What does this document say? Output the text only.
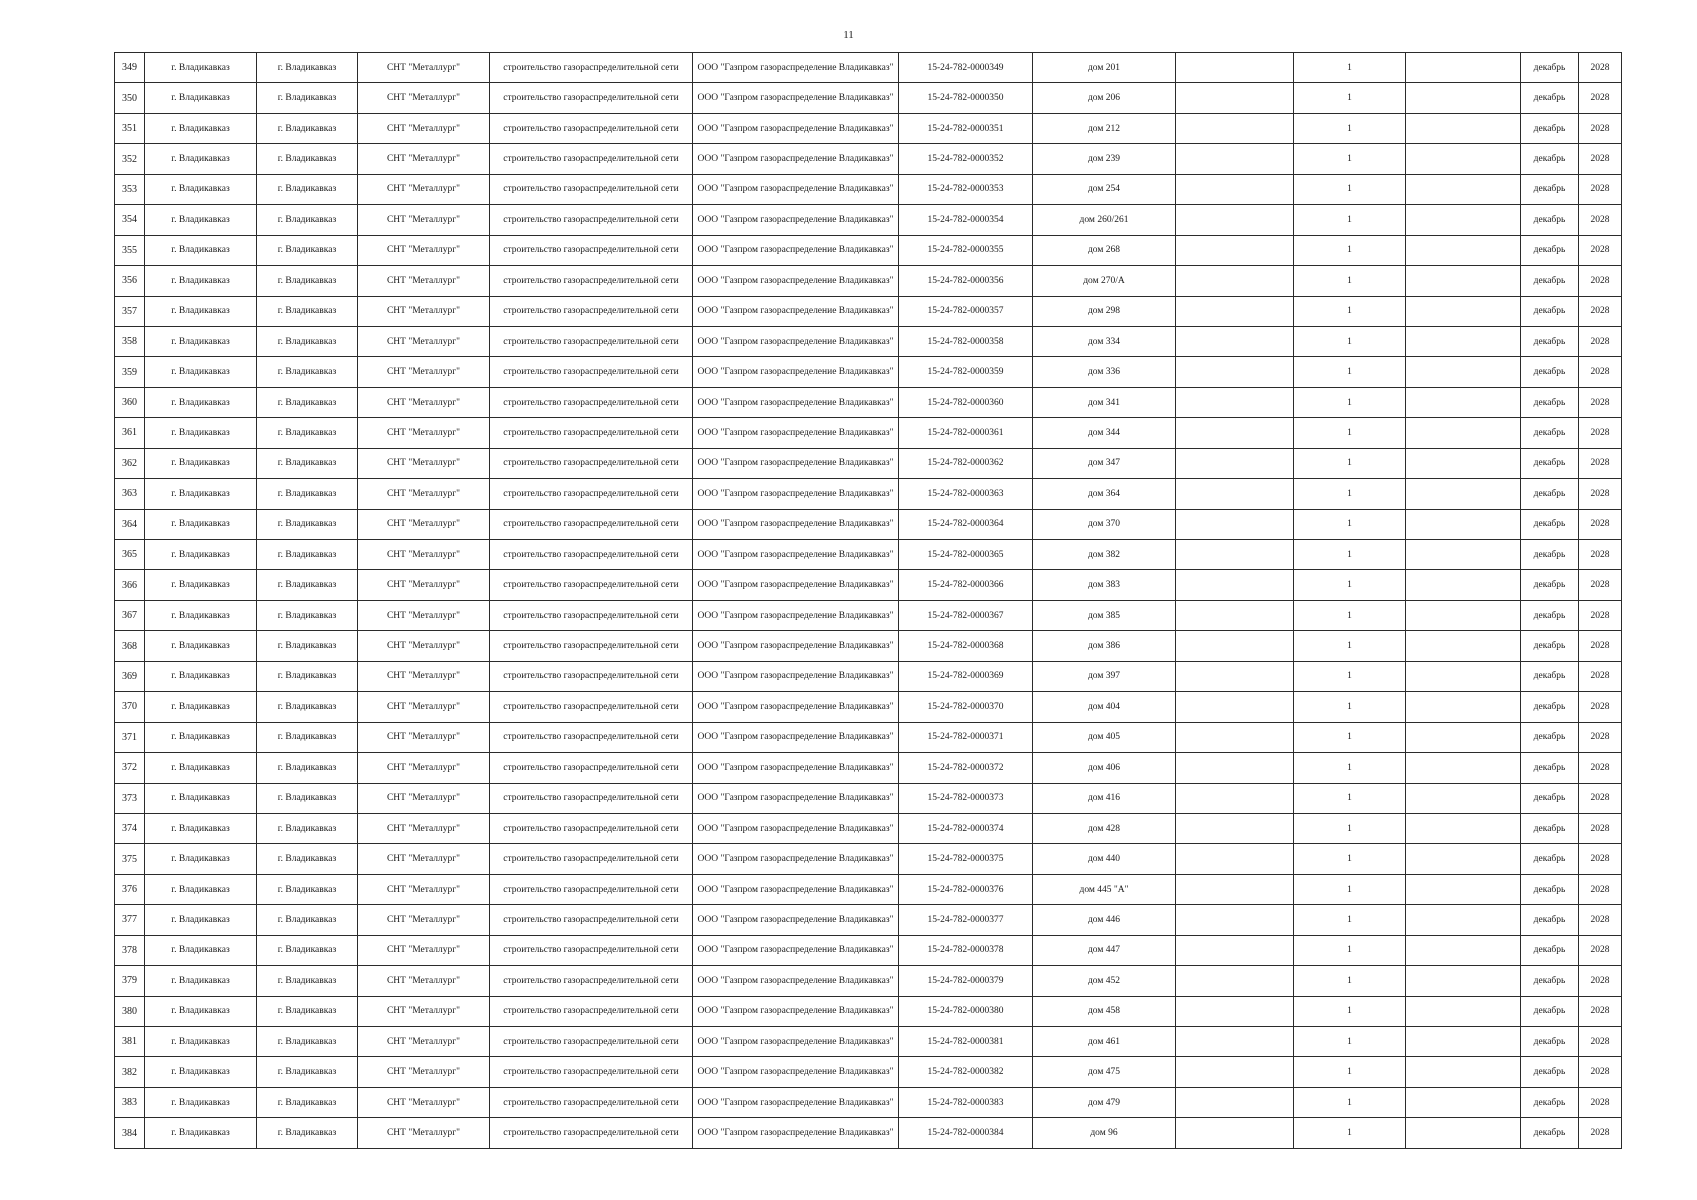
11
349	г. Владикавказ	г. Владикавказ	СНТ "Металлург"	строительство газораспределительной сети	ООО "Газпром газораспределение Владикавказ"	15-24-782-0000349	дом 201		1		декабрь	2028
350	г. Владикавказ	г. Владикавказ	СНТ "Металлург"	строительство газораспределительной сети	ООО "Газпром газораспределение Владикавказ"	15-24-782-0000350	дом 206		1		декабрь	2028
351	г. Владикавказ	г. Владикавказ	СНТ "Металлург"	строительство газораспределительной сети	ООО "Газпром газораспределение Владикавказ"	15-24-782-0000351	дом 212		1		декабрь	2028
352	г. Владикавказ	г. Владикавказ	СНТ "Металлург"	строительство газораспределительной сети	ООО "Газпром газораспределение Владикавказ"	15-24-782-0000352	дом 239		1		декабрь	2028
353	г. Владикавказ	г. Владикавказ	СНТ "Металлург"	строительство газораспределительной сети	ООО "Газпром газораспределение Владикавказ"	15-24-782-0000353	дом 254		1		декабрь	2028
354	г. Владикавказ	г. Владикавказ	СНТ "Металлург"	строительство газораспределительной сети	ООО "Газпром газораспределение Владикавказ"	15-24-782-0000354	дом 260/261		1		декабрь	2028
355	г. Владикавказ	г. Владикавказ	СНТ "Металлург"	строительство газораспределительной сети	ООО "Газпром газораспределение Владикавказ"	15-24-782-0000355	дом 268		1		декабрь	2028
356	г. Владикавказ	г. Владикавказ	СНТ "Металлург"	строительство газораспределительной сети	ООО "Газпром газораспределение Владикавказ"	15-24-782-0000356	дом 270/А		1		декабрь	2028
357	г. Владикавказ	г. Владикавказ	СНТ "Металлург"	строительство газораспределительной сети	ООО "Газпром газораспределение Владикавказ"	15-24-782-0000357	дом 298		1		декабрь	2028
358	г. Владикавказ	г. Владикавказ	СНТ "Металлург"	строительство газораспределительной сети	ООО "Газпром газораспределение Владикавказ"	15-24-782-0000358	дом 334		1		декабрь	2028
359	г. Владикавказ	г. Владикавказ	СНТ "Металлург"	строительство газораспределительной сети	ООО "Газпром газораспределение Владикавказ"	15-24-782-0000359	дом 336		1		декабрь	2028
360	г. Владикавказ	г. Владикавказ	СНТ "Металлург"	строительство газораспределительной сети	ООО "Газпром газораспределение Владикавказ"	15-24-782-0000360	дом 341		1		декабрь	2028
361	г. Владикавказ	г. Владикавказ	СНТ "Металлург"	строительство газораспределительной сети	ООО "Газпром газораспределение Владикавказ"	15-24-782-0000361	дом 344		1		декабрь	2028
362	г. Владикавказ	г. Владикавказ	СНТ "Металлург"	строительство газораспределительной сети	ООО "Газпром газораспределение Владикавказ"	15-24-782-0000362	дом 347		1		декабрь	2028
363	г. Владикавказ	г. Владикавказ	СНТ "Металлург"	строительство газораспределительной сети	ООО "Газпром газораспределение Владикавказ"	15-24-782-0000363	дом 364		1		декабрь	2028
364	г. Владикавказ	г. Владикавказ	СНТ "Металлург"	строительство газораспределительной сети	ООО "Газпром газораспределение Владикавказ"	15-24-782-0000364	дом 370		1		декабрь	2028
365	г. Владикавказ	г. Владикавказ	СНТ "Металлург"	строительство газораспределительной сети	ООО "Газпром газораспределение Владикавказ"	15-24-782-0000365	дом 382		1		декабрь	2028
366	г. Владикавказ	г. Владикавказ	СНТ "Металлург"	строительство газораспределительной сети	ООО "Газпром газораспределение Владикавказ"	15-24-782-0000366	дом 383		1		декабрь	2028
367	г. Владикавказ	г. Владикавказ	СНТ "Металлург"	строительство газораспределительной сети	ООО "Газпром газораспределение Владикавказ"	15-24-782-0000367	дом 385		1		декабрь	2028
368	г. Владикавказ	г. Владикавказ	СНТ "Металлург"	строительство газораспределительной сети	ООО "Газпром газораспределение Владикавказ"	15-24-782-0000368	дом 386		1		декабрь	2028
369	г. Владикавказ	г. Владикавказ	СНТ "Металлург"	строительство газораспределительной сети	ООО "Газпром газораспределение Владикавказ"	15-24-782-0000369	дом 397		1		декабрь	2028
370	г. Владикавказ	г. Владикавказ	СНТ "Металлург"	строительство газораспределительной сети	ООО "Газпром газораспределение Владикавказ"	15-24-782-0000370	дом 404		1		декабрь	2028
371	г. Владикавказ	г. Владикавказ	СНТ "Металлург"	строительство газораспределительной сети	ООО "Газпром газораспределение Владикавказ"	15-24-782-0000371	дом 405		1		декабрь	2028
372	г. Владикавказ	г. Владикавказ	СНТ "Металлург"	строительство газораспределительной сети	ООО "Газпром газораспределение Владикавказ"	15-24-782-0000372	дом 406		1		декабрь	2028
373	г. Владикавказ	г. Владикавказ	СНТ "Металлург"	строительство газораспределительной сети	ООО "Газпром газораспределение Владикавказ"	15-24-782-0000373	дом 416		1		декабрь	2028
374	г. Владикавказ	г. Владикавказ	СНТ "Металлург"	строительство газораспределительной сети	ООО "Газпром газораспределение Владикавказ"	15-24-782-0000374	дом 428		1		декабрь	2028
375	г. Владикавказ	г. Владикавказ	СНТ "Металлург"	строительство газораспределительной сети	ООО "Газпром газораспределение Владикавказ"	15-24-782-0000375	дом 440		1		декабрь	2028
376	г. Владикавказ	г. Владикавказ	СНТ "Металлург"	строительство газораспределительной сети	ООО "Газпром газораспределение Владикавказ"	15-24-782-0000376	дом 445 "А"		1		декабрь	2028
377	г. Владикавказ	г. Владикавказ	СНТ "Металлург"	строительство газораспределительной сети	ООО "Газпром газораспределение Владикавказ"	15-24-782-0000377	дом 446		1		декабрь	2028
378	г. Владикавказ	г. Владикавказ	СНТ "Металлург"	строительство газораспределительной сети	ООО "Газпром газораспределение Владикавказ"	15-24-782-0000378	дом 447		1		декабрь	2028
379	г. Владикавказ	г. Владикавказ	СНТ "Металлург"	строительство газораспределительной сети	ООО "Газпром газораспределение Владикавказ"	15-24-782-0000379	дом 452		1		декабрь	2028
380	г. Владикавказ	г. Владикавказ	СНТ "Металлург"	строительство газораспределительной сети	ООО "Газпром газораспределение Владикавказ"	15-24-782-0000380	дом 458		1		декабрь	2028
381	г. Владикавказ	г. Владикавказ	СНТ "Металлург"	строительство газораспределительной сети	ООО "Газпром газораспределение Владикавказ"	15-24-782-0000381	дом 461		1		декабрь	2028
382	г. Владикавказ	г. Владикавказ	СНТ "Металлург"	строительство газораспределительной сети	ООО "Газпром газораспределение Владикавказ"	15-24-782-0000382	дом 475		1		декабрь	2028
383	г. Владикавказ	г. Владикавказ	СНТ "Металлург"	строительство газораспределительной сети	ООО "Газпром газораспределение Владикавказ"	15-24-782-0000383	дом 479		1		декабрь	2028
384	г. Владикавказ	г. Владикавказ	СНТ "Металлург"	строительство газораспределительной сети	ООО "Газпром газораспределение Владикавказ"	15-24-782-0000384	дом 96		1		декабрь	2028
